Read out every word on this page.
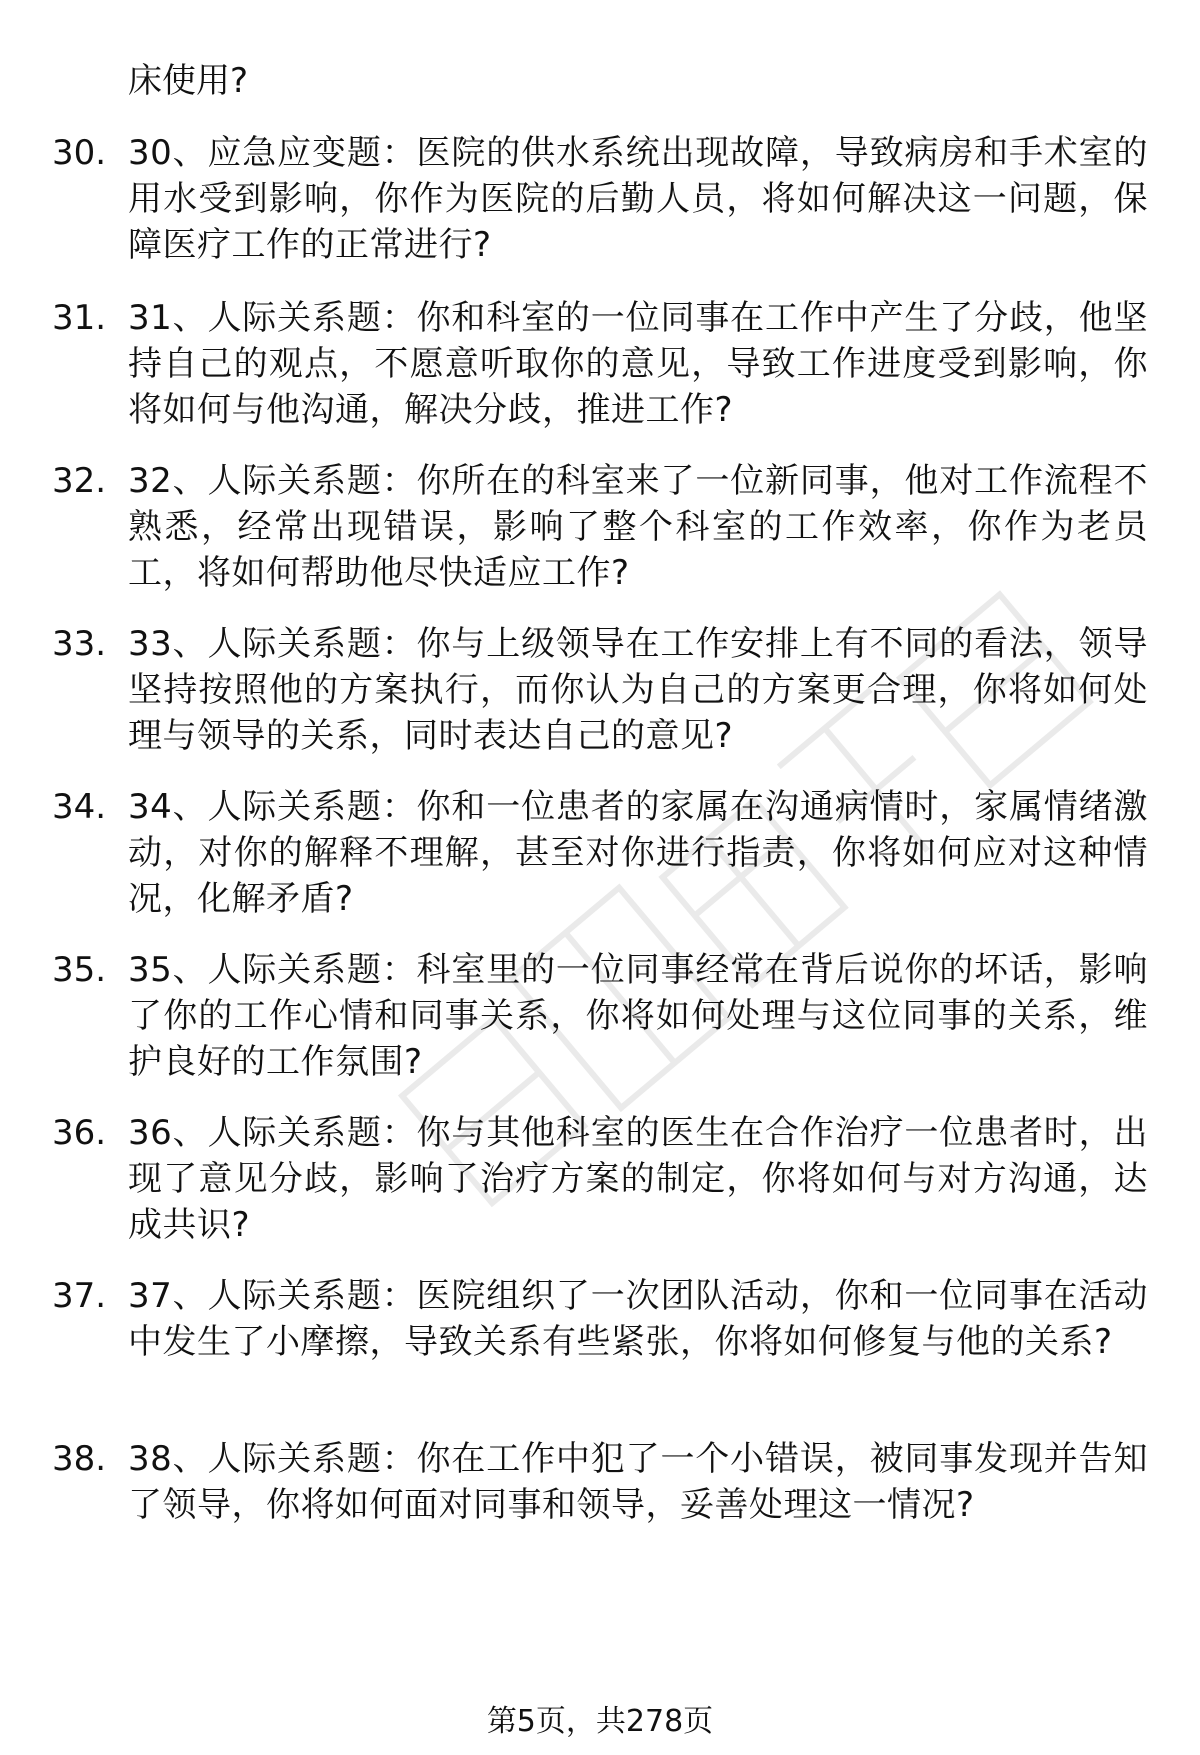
床使用?

30. 30、应急应变题：医院的供水系统出现故障，导致病房和手术室的用水受到影响，你作为医院的后勤人员，将如何解决这一问题，保障医疗工作的正常进行?
31. 31、人际关系题：你和科室的一位同事在工作中产生了分歧，他坚持自己的观点，不愿意听取你的意见，导致工作进度受到影响，你将如何与他沟通，解决分歧，推进工作?
32. 32、人际关系题：你所在的科室来了一位新同事，他对工作流程不熟悉，经常出现错误，影响了整个科室的工作效率，你作为老员工，将如何帮助他尽快适应工作?
33. 33、人际关系题：你与上级领导在工作安排上有不同的看法，领导坚持按照他的方案执行，而你认为自己的方案更合理，你将如何处理与领导的关系，同时表达自己的意见?
34. 34、人际关系题：你和一位患者的家属在沟通病情时，家属情绪激动，对你的解释不理解，甚至对你进行指责，你将如何应对这种情况，化解矛盾?
35. 35、人际关系题：科室里的一位同事经常在背后说你的坏话，影响了你的工作心情和同事关系，你将如何处理与这位同事的关系，维护良好的工作氛围?
36. 36、人际关系题：你与其他科室的医生在合作治疗一位患者时，出现了意见分歧，影响了治疗方案的制定，你将如何与对方沟通，达成共识?
37. 37、人际关系题：医院组织了一次团队活动，你和一位同事在活动中发生了小摩擦，导致关系有些紧张，你将如何修复与他的关系?
38. 38、人际关系题：你在工作中犯了一个小错误，被同事发现并告知了领导，你将如何面对同事和领导，妥善处理这一情况?
第5页，共278页
